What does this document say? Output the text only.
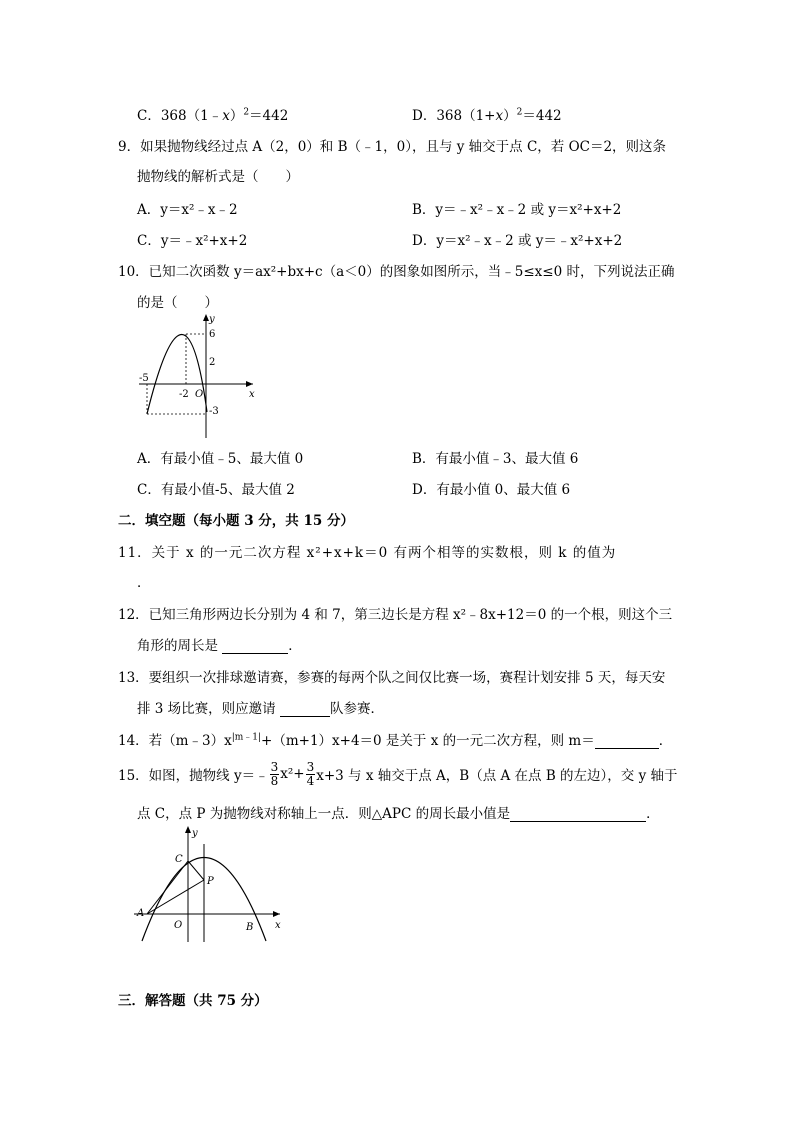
C．368（1﹣x）$^2$＝442	D．$368(1+x)^2=442$
9．如果抛物线经过点 A（2，0）和 B（﹣1，0），且与 y 轴交于点 C，若 OC＝2，则这条
抛物线的解析式是（　　）
A．y＝x²﹣x﹣2	B．y＝﹣x²﹣x﹣2 或 y＝x²+x+2
C．y＝﹣x²+x+2	D．y＝x²﹣x﹣2 或 y＝﹣x²+x+2
10．已知二次函数 y＝ax²+bx+c（a＜0）的图象如图所示，当﹣5≤x≤0 时，下列说法正确
的是（　　）
y
x
6
2
-5
-2 O
-3
A．有最小值﹣5、最大值 0	B．有最小值﹣3、最大值 6
C．有最小值-5、最大值 2	D．有最小值 0、最大值 6
二．填空题（每小题 3 分，共 15 分）
11．关于 x 的一元二次方程 x²+x+k＝0 有两个相等的实数根，则 k 的值为
．
12．已知三角形两边长分别为 4 和 7，第三边长是方程 x²﹣8x+12＝0 的一个根，则这个三
角形的周长是	．
13．要组织一次排球邀请赛，参赛的每两个队之间仅比赛一场，赛程计划安排 5 天，每天安
排 3 场比赛，则应邀请	队参赛．
14．若$(m﹣3)x^{|m﹣1|}+(m+1)x+4=0$ 是关于 x 的一元二次方程，则 m＝	．
15．如图，抛物线 y＝﹣ $\frac{3}{8} x^2+ \frac{3}{4} x+3$ 与 x 轴交于点 A，B（点 A 在点 B 的左边），交 y 轴于
点 C，点 P 为抛物线对称轴上一点．则△APC 的周长最小值是	．
y
x
C
P
A
O	B
三．解答题（共 75 分）
